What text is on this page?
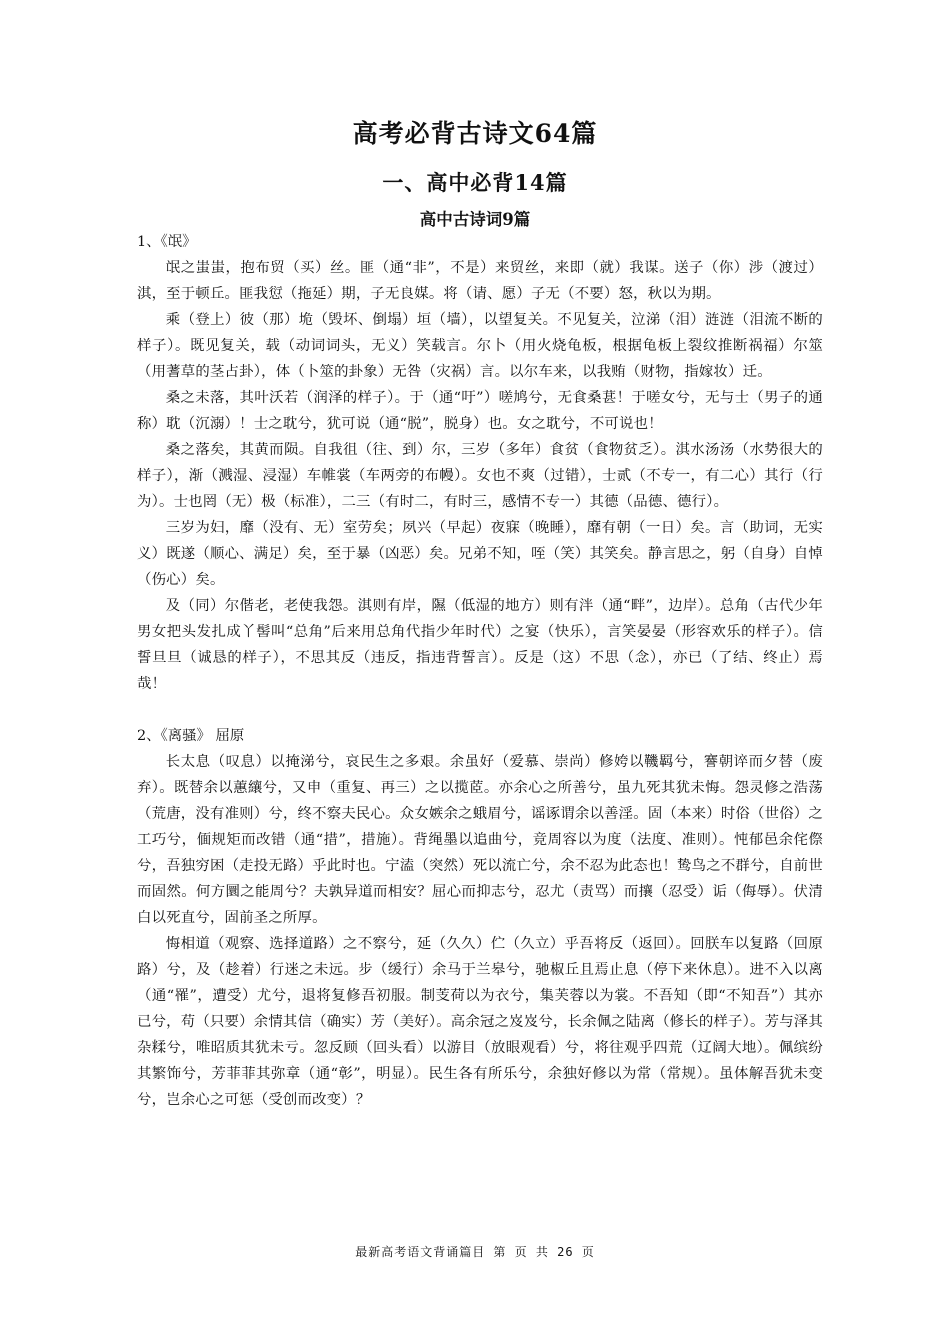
高考必背古诗文64篇
一、高中必背14篇
高中古诗词9篇

1、《氓》

氓之蚩蚩，抱布贸（买）丝。匪（通“非”，不是）来贸丝，来即（就）我谋。送子（你）涉（渡过）淇，至于顿丘。匪我愆（拖延）期，子无良媒。将（请、愿）子无（不要）怒，秋以为期。

乘（登上）彼（那）垝（毁坏、倒塌）垣（墙），以望复关。不见复关，泣涕（泪）涟涟（泪流不断的样子）。既见复关，载（动词词头，无义）笑载言。尔卜（用火烧龟板，根据龟板上裂纹推断祸福）尔筮（用蓍草的茎占卦），体（卜筮的卦象）无咎（灾祸）言。以尔车来，以我贿（财物，指嫁妆）迁。

桑之未落，其叶沃若（润泽的样子）。于（通“吁”）嗟鸠兮，无食桑葚！于嗟女兮，无与士（男子的通称）耽（沉溺）！士之耽兮，犹可说（通“脱”，脱身）也。女之耽兮，不可说也！

桑之落矣，其黄而陨。自我徂（往、到）尔，三岁（多年）食贫（食物贫乏）。淇水汤汤（水势很大的样子），渐（溅湿、浸湿）车帷裳（车两旁的布幔）。女也不爽（过错），士贰（不专一，有二心）其行（行为）。士也罔（无）极（标准），二三（有时二，有时三，感情不专一）其德（品德、德行）。

三岁为妇，靡（没有、无）室劳矣；夙兴（早起）夜寐（晚睡），靡有朝（一日）矣。言（助词，无实义）既遂（顺心、满足）矣，至于暴（凶恶）矣。兄弟不知，咥（笑）其笑矣。静言思之，躬（自身）自悼（伤心）矣。

及（同）尔偕老，老使我怨。淇则有岸，隰（低湿的地方）则有泮（通“畔”，边岸）。总角（古代少年男女把头发扎成丫髻叫“总角”后来用总角代指少年时代）之宴（快乐），言笑晏晏（形容欢乐的样子）。信誓旦旦（诚恳的样子），不思其反（违反，指违背誓言）。反是（这）不思（念），亦已（了结、终止）焉哉！

2、《离骚》 屈原

长太息（叹息）以掩涕兮，哀民生之多艰。余虽好（爱慕、崇尚）修姱以鞿羁兮，謇朝谇而夕替（废弃）。既替余以蕙纕兮，又申（重复、再三）之以揽茝。亦余心之所善兮，虽九死其犹未悔。怨灵修之浩荡（荒唐，没有准则）兮，终不察夫民心。众女嫉余之蛾眉兮，谣诼谓余以善淫。固（本来）时俗（世俗）之工巧兮，偭规矩而改错（通“措”，措施）。背绳墨以追曲兮，竞周容以为度（法度、准则）。忳郁邑余侘傺兮，吾独穷困（走投无路）乎此时也。宁溘（突然）死以流亡兮，余不忍为此态也！鸷鸟之不群兮，自前世而固然。何方圜之能周兮？夫孰异道而相安？屈心而抑志兮，忍尤（责骂）而攘（忍受）诟（侮辱）。伏清白以死直兮，固前圣之所厚。

悔相道（观察、选择道路）之不察兮，延（久久）伫（久立）乎吾将反（返回）。回朕车以复路（回原路）兮，及（趁着）行迷之未远。步（缓行）余马于兰皋兮，驰椒丘且焉止息（停下来休息）。进不入以离（通“罹”，遭受）尤兮，退将复修吾初服。制芰荷以为衣兮，集芙蓉以为裳。不吾知（即“不知吾”）其亦已兮，苟（只要）余情其信（确实）芳（美好）。高余冠之岌岌兮，长余佩之陆离（修长的样子）。芳与泽其杂糅兮，唯昭质其犹未亏。忽反顾（回头看）以游目（放眼观看）兮，将往观乎四荒（辽阔大地）。佩缤纷其繁饰兮，芳菲菲其弥章（通“彰”，明显）。民生各有所乐兮，余独好修以为常（常规）。虽体解吾犹未变兮，岂余心之可惩（受创而改变）？

最新高考语文背诵篇目 第 页 共 26 页
